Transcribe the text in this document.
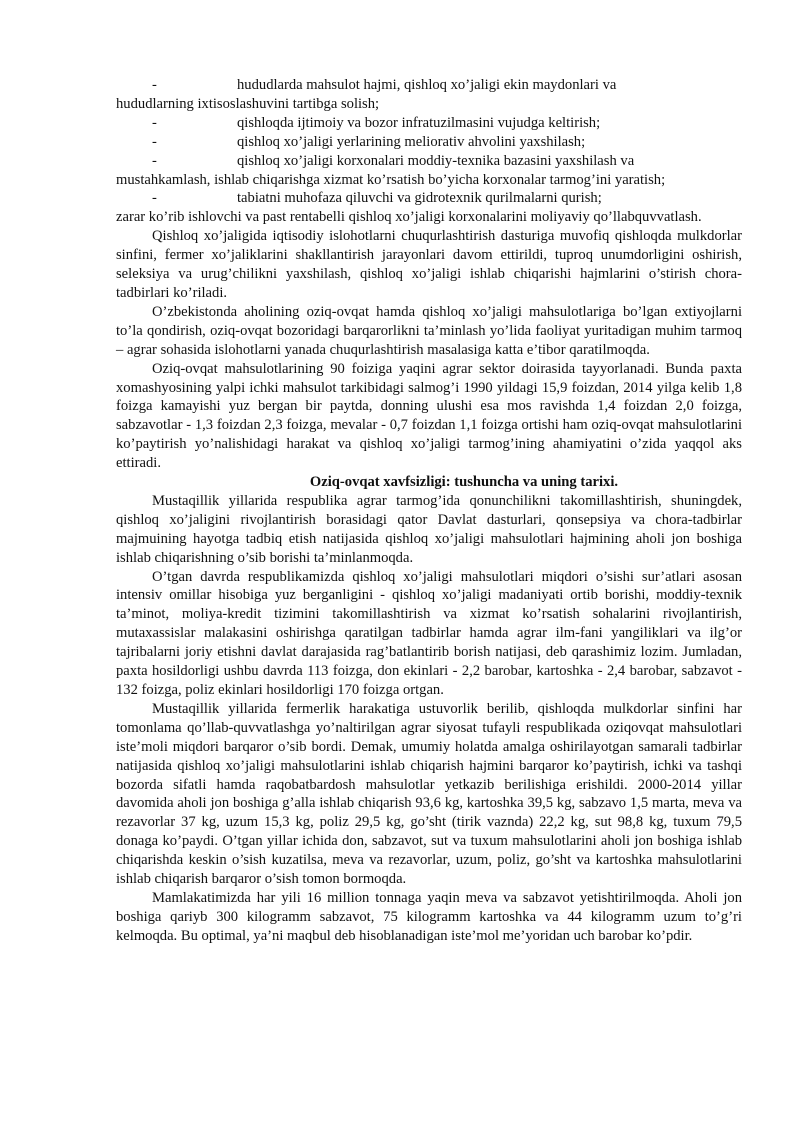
-	hududlarda mahsulot hajmi, qishloq xo’jaligi ekin maydonlari va
hududlarning ixtisoslashuvini tartibga solish;
-	qishloqda ijtimoiy va bozor infratuzilmasini vujudga keltirish;
-	qishloq xo’jaligi yerlarining meliorativ ahvolini yaxshilash;
-	qishloq xo’jaligi korxonalari moddiy-texnika bazasini yaxshilash va
mustahkamlash, ishlab chiqarishga xizmat ko’rsatish bo’yicha korxonalar tarmog’ini yaratish;
-	tabiatni muhofaza qiluvchi va gidrotexnik qurilmalarni qurish;

zarar ko’rib ishlovchi va past rentabelli qishloq xo’jaligi korxonalarini moliyaviy qo’llabquvvatlash.

Qishloq xo’jaligida iqtisodiy islohotlarni chuqurlashtirish dasturiga muvofiq qishloqda mulkdorlar sinfini, fermer xo’jaliklarini shakllantirish jarayonlari davom ettirildi, tuproq unumdorligini oshirish, seleksiya va urug’chilikni yaxshilash, qishloq xo’jaligi ishlab chiqarishi hajmlarini o’stirish chora-tadbirlari ko’riladi.

O’zbekistonda aholining oziq-ovqat hamda qishloq xo’jaligi mahsulotlariga bo’lgan extiyojlarni to’la qondirish, oziq-ovqat bozoridagi barqarorlikni ta’minlash yo’lida faoliyat yuritadigan muhim tarmoq – agrar sohasida islohotlarni yanada chuqurlashtirish masalasiga katta e’tibor qaratilmoqda.

Oziq-ovqat mahsulotlarining 90 foiziga yaqini agrar sektor doirasida tayyorlanadi. Bunda paxta xomashyosining yalpi ichki mahsulot tarkibidagi salmog’i 1990 yildagi 15,9 foizdan, 2014 yilga kelib 1,8 foizga kamayishi yuz bergan bir paytda, donning ulushi esa mos ravishda 1,4 foizdan 2,0 foizga, sabzavotlar - 1,3 foizdan 2,3 foizga, mevalar - 0,7 foizdan 1,1 foizga ortishi ham oziq-ovqat mahsulotlarini ko’paytirish yo’nalishidagi harakat va qishloq xo’jaligi tarmog’ining ahamiyatini o’zida yaqqol aks ettiradi.

Oziq-ovqat xavfsizligi: tushuncha va uning tarixi.

Mustaqillik yillarida respublika agrar tarmog’ida qonunchilikni takomillashtirish, shuningdek, qishloq xo’jaligini rivojlantirish borasidagi qator Davlat dasturlari, qonsepsiya va chora-tadbirlar majmuining hayotga tadbiq etish natijasida qishloq xo’jaligi mahsulotlari hajmining aholi jon boshiga ishlab chiqarishning o’sib borishi ta’minlanmoqda.

O’tgan davrda respublikamizda qishloq xo’jaligi mahsulotlari miqdori o’sishi sur’atlari asosan intensiv omillar hisobiga yuz berganligini - qishloq xo’jaligi madaniyati ortib borishi, moddiy-texnik ta’minot, moliya-kredit tizimini takomillashtirish va xizmat ko’rsatish sohalarini rivojlantirish, mutaxassislar malakasini oshirishga qaratilgan tadbirlar hamda agrar ilm-fani yangiliklari va ilg’or tajribalarni joriy etishni davlat darajasida rag’batlantirib borish natijasi, deb qarashimiz lozim. Jumladan, paxta hosildorligi ushbu davrda 113 foizga, don ekinlari - 2,2 barobar, kartoshka - 2,4 barobar, sabzavot - 132 foizga, poliz ekinlari hosildorligi 170 foizga ortgan.

Mustaqillik yillarida fermerlik harakatiga ustuvorlik berilib, qishloqda mulkdorlar sinfini har tomonlama qo’llab-quvvatlashga yo’naltirilgan agrar siyosat tufayli respublikada oziqovqat mahsulotlari iste’moli miqdori barqaror o’sib bordi. Demak, umumiy holatda amalga oshirilayotgan samarali tadbirlar natijasida qishloq xo’jaligi mahsulotlarini ishlab chiqarish hajmini barqaror ko’paytirish, ichki va tashqi bozorda sifatli hamda raqobatbardosh mahsulotlar yetkazib berilishiga erishildi. 2000-2014 yillar davomida aholi jon boshiga g’alla ishlab chiqarish 93,6 kg, kartoshka 39,5 kg, sabzavo 1,5 marta, meva va rezavorlar 37 kg, uzum 15,3 kg, poliz 29,5 kg, go’sht (tirik vaznda) 22,2 kg, sut 98,8 kg, tuxum 79,5 donaga ko’paydi. O’tgan yillar ichida don, sabzavot, sut va tuxum mahsulotlarini aholi jon boshiga ishlab chiqarishda keskin o’sish kuzatilsa, meva va rezavorlar, uzum, poliz, go’sht va kartoshka mahsulotlarini ishlab chiqarish barqaror o’sish tomon bormoqda.

Mamlakatimizda har yili 16 million tonnaga yaqin meva va sabzavot yetishtirilmoqda. Aholi jon boshiga qariyb 300 kilogramm sabzavot, 75 kilogramm kartoshka va 44 kilogramm uzum to’g’ri kelmoqda. Bu optimal, ya’ni maqbul deb hisoblanadigan iste’mol me’yoridan uch barobar ko’pdir.
